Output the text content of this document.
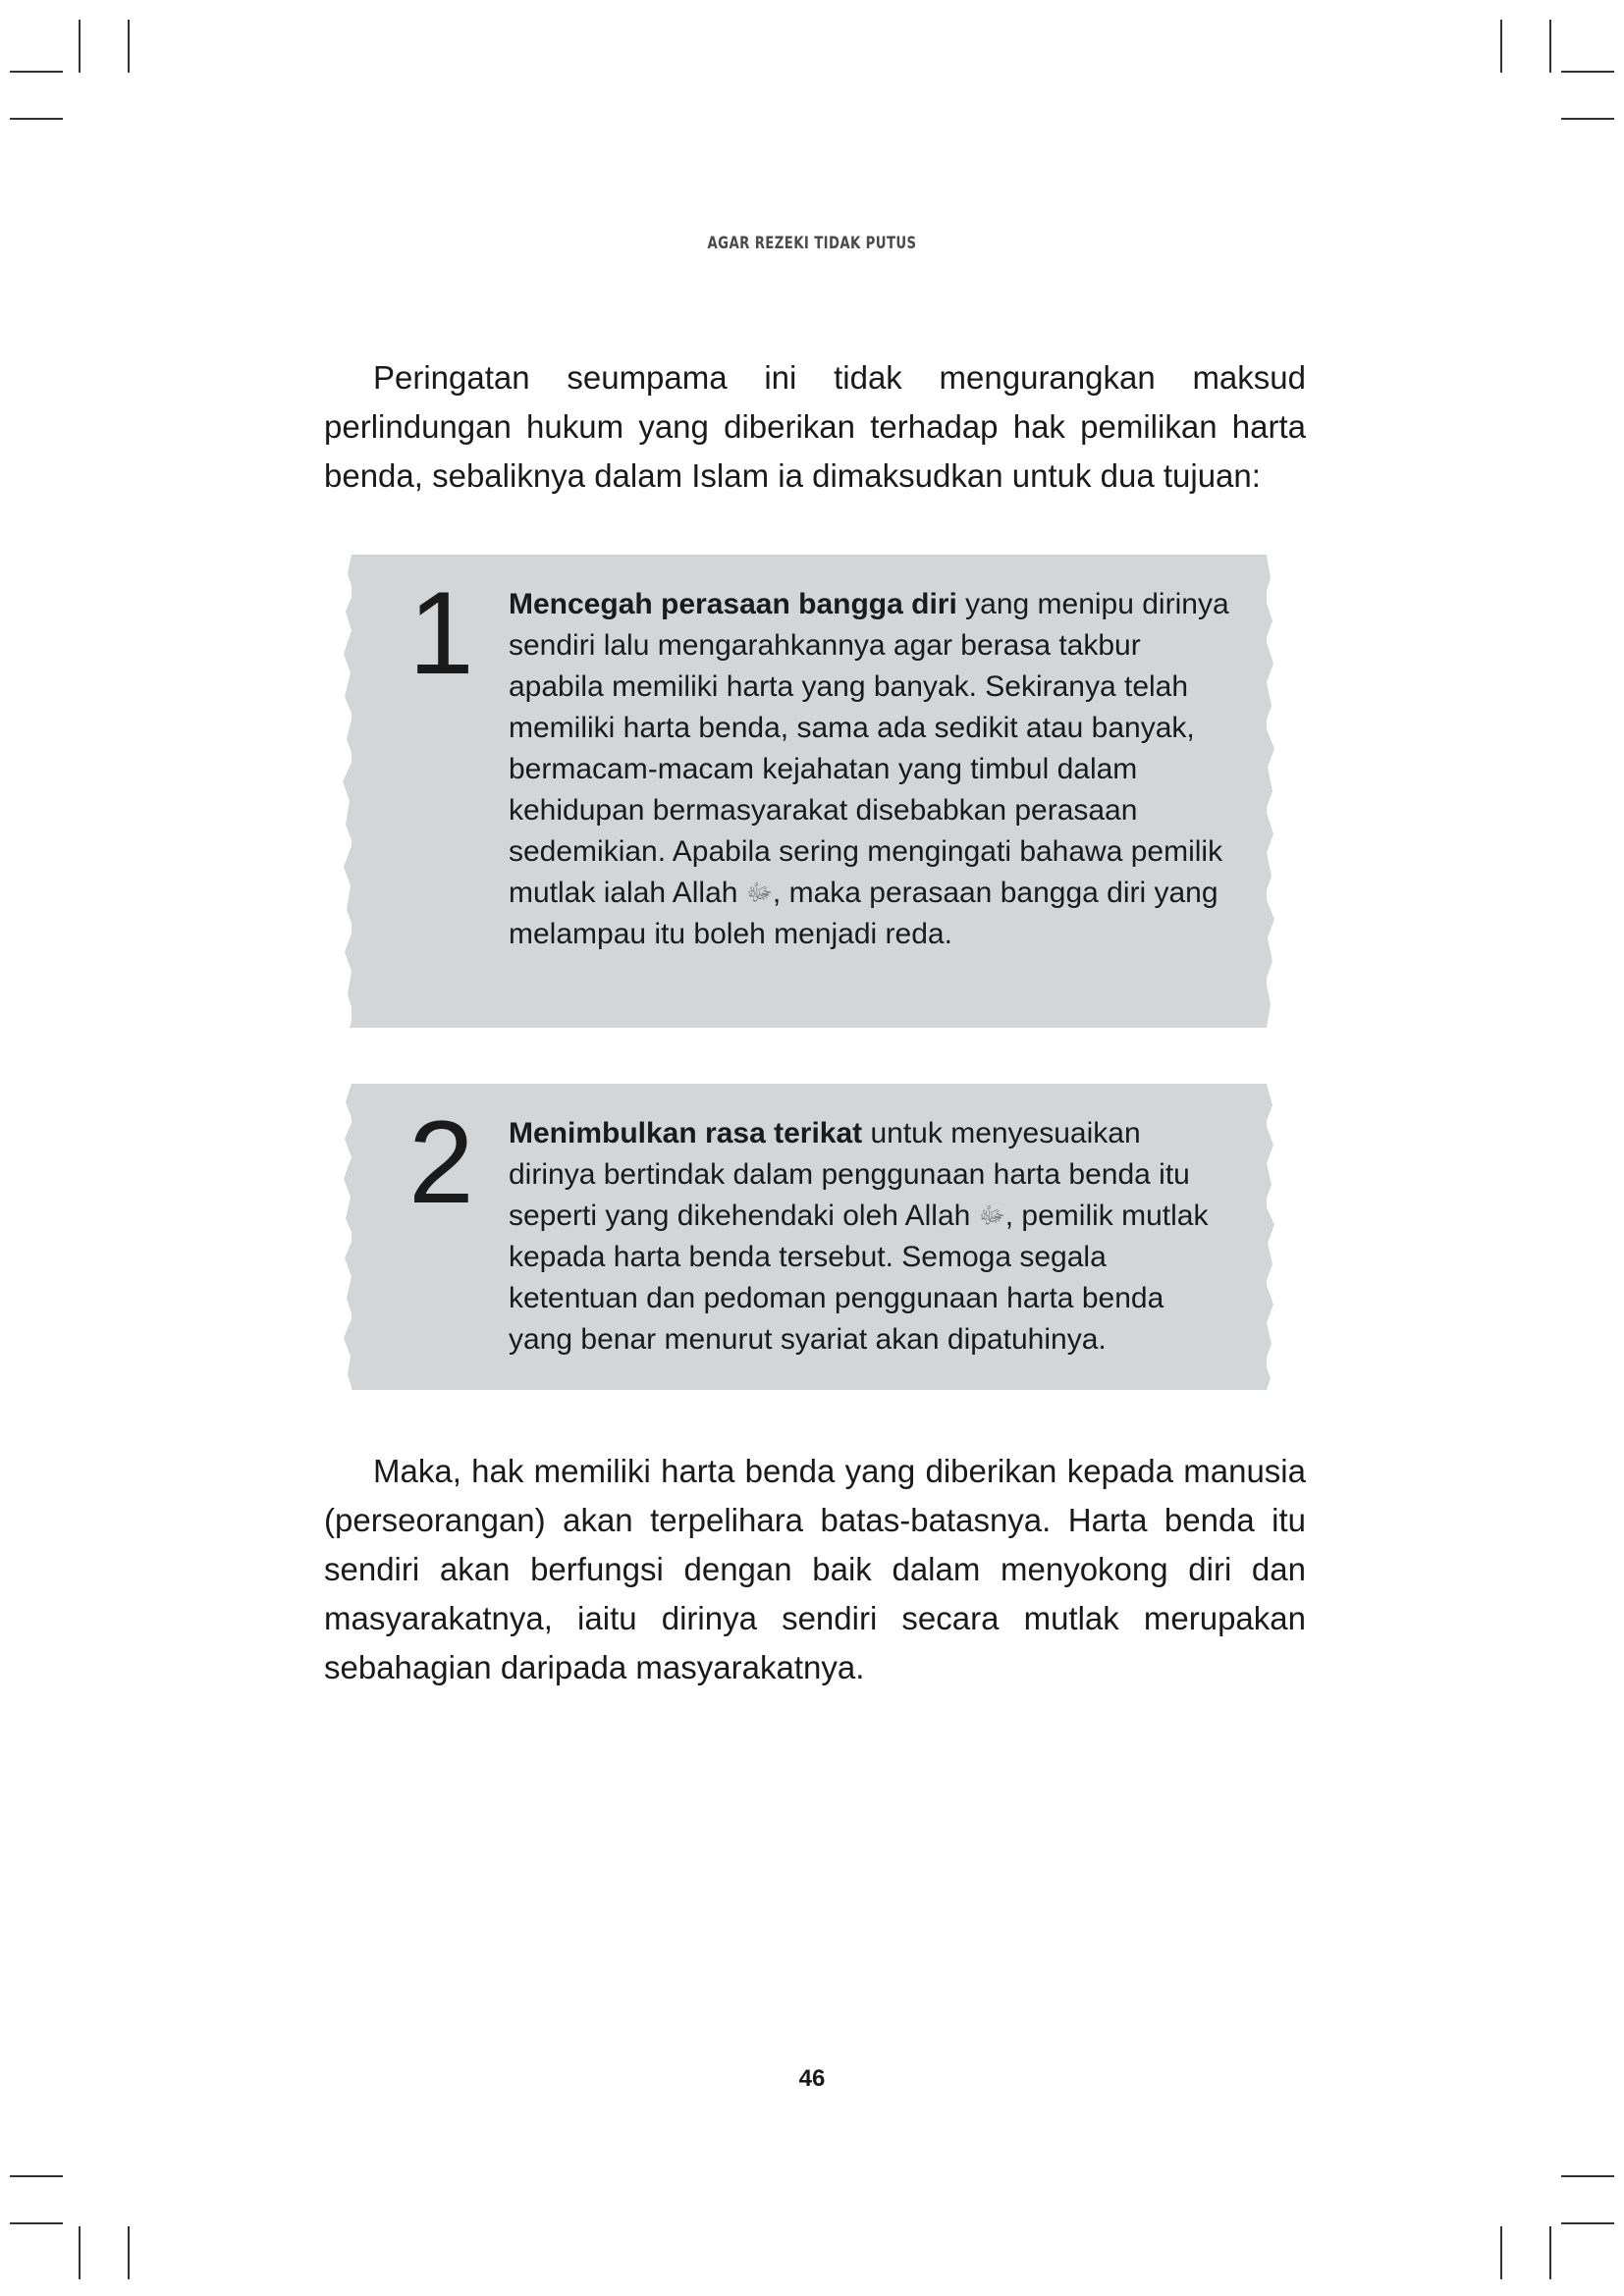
AGAR REZEKI TIDAK PUTUS

Peringatan seumpama ini tidak mengurangkan maksud perlindungan hukum yang diberikan terhadap hak pemilikan harta benda, sebaliknya dalam Islam ia dimaksudkan untuk dua tujuan:

1 Mencegah perasaan bangga diri yang menipu dirinya sendiri lalu mengarahkannya agar berasa takbur apabila memiliki harta yang banyak. Sekiranya telah memiliki harta benda, sama ada sedikit atau banyak, bermacam-macam kejahatan yang timbul dalam kehidupan bermasyarakat disebabkan perasaan sedemikian. Apabila sering mengingati bahawa pemilik mutlak ialah Allah ﷻ, maka perasaan bangga diri yang melampau itu boleh menjadi reda.
2 Menimbulkan rasa terikat untuk menyesuaikan dirinya bertindak dalam penggunaan harta benda itu seperti yang dikehendaki oleh Allah ﷻ, pemilik mutlak kepada harta benda tersebut. Semoga segala ketentuan dan pedoman penggunaan harta benda yang benar menurut syariat akan dipatuhinya.

Maka, hak memiliki harta benda yang diberikan kepada manusia (perseorangan) akan terpelihara batas-batasnya. Harta benda itu sendiri akan berfungsi dengan baik dalam menyokong diri dan masyarakatnya, iaitu dirinya sendiri secara mutlak merupakan sebahagian daripada masyarakatnya.

46
